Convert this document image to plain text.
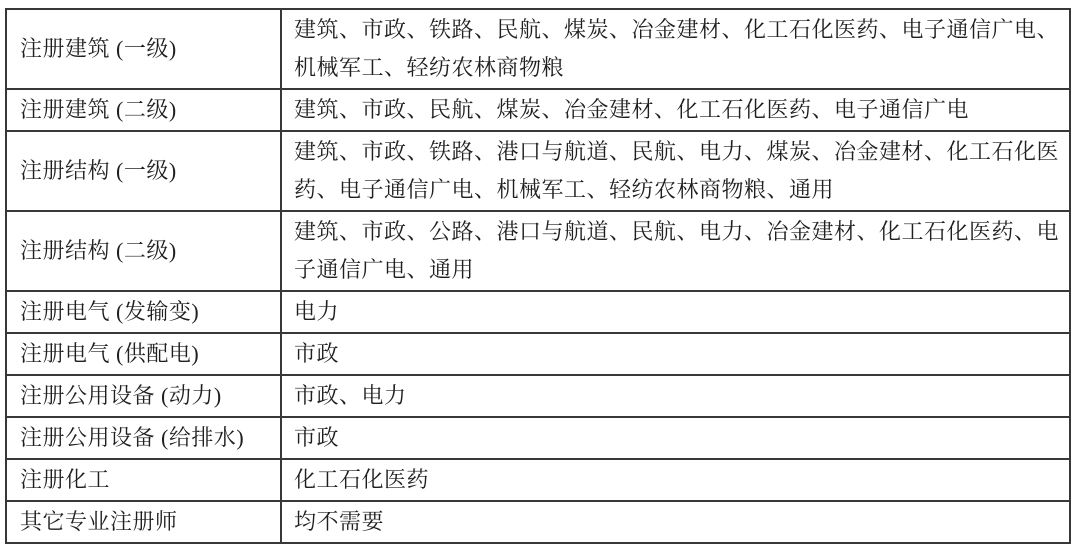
注册建筑 (一级)	建筑、市政、铁路、民航、煤炭、冶金建材、化工石化医药、电子通信广电、机械军工、轻纺农林商物粮
注册建筑 (二级)	建筑、市政、民航、煤炭、冶金建材、化工石化医药、电子通信广电
注册结构 (一级)	建筑、市政、铁路、港口与航道、民航、电力、煤炭、冶金建材、化工石化医药、电子通信广电、机械军工、轻纺农林商物粮、通用
注册结构 (二级)	建筑、市政、公路、港口与航道、民航、电力、冶金建材、化工石化医药、电子通信广电、通用
注册电气 (发输变)	电力
注册电气 (供配电)	市政
注册公用设备 (动力)	市政、电力
注册公用设备 (给排水)	市政
注册化工	化工石化医药
其它专业注册师	均不需要
